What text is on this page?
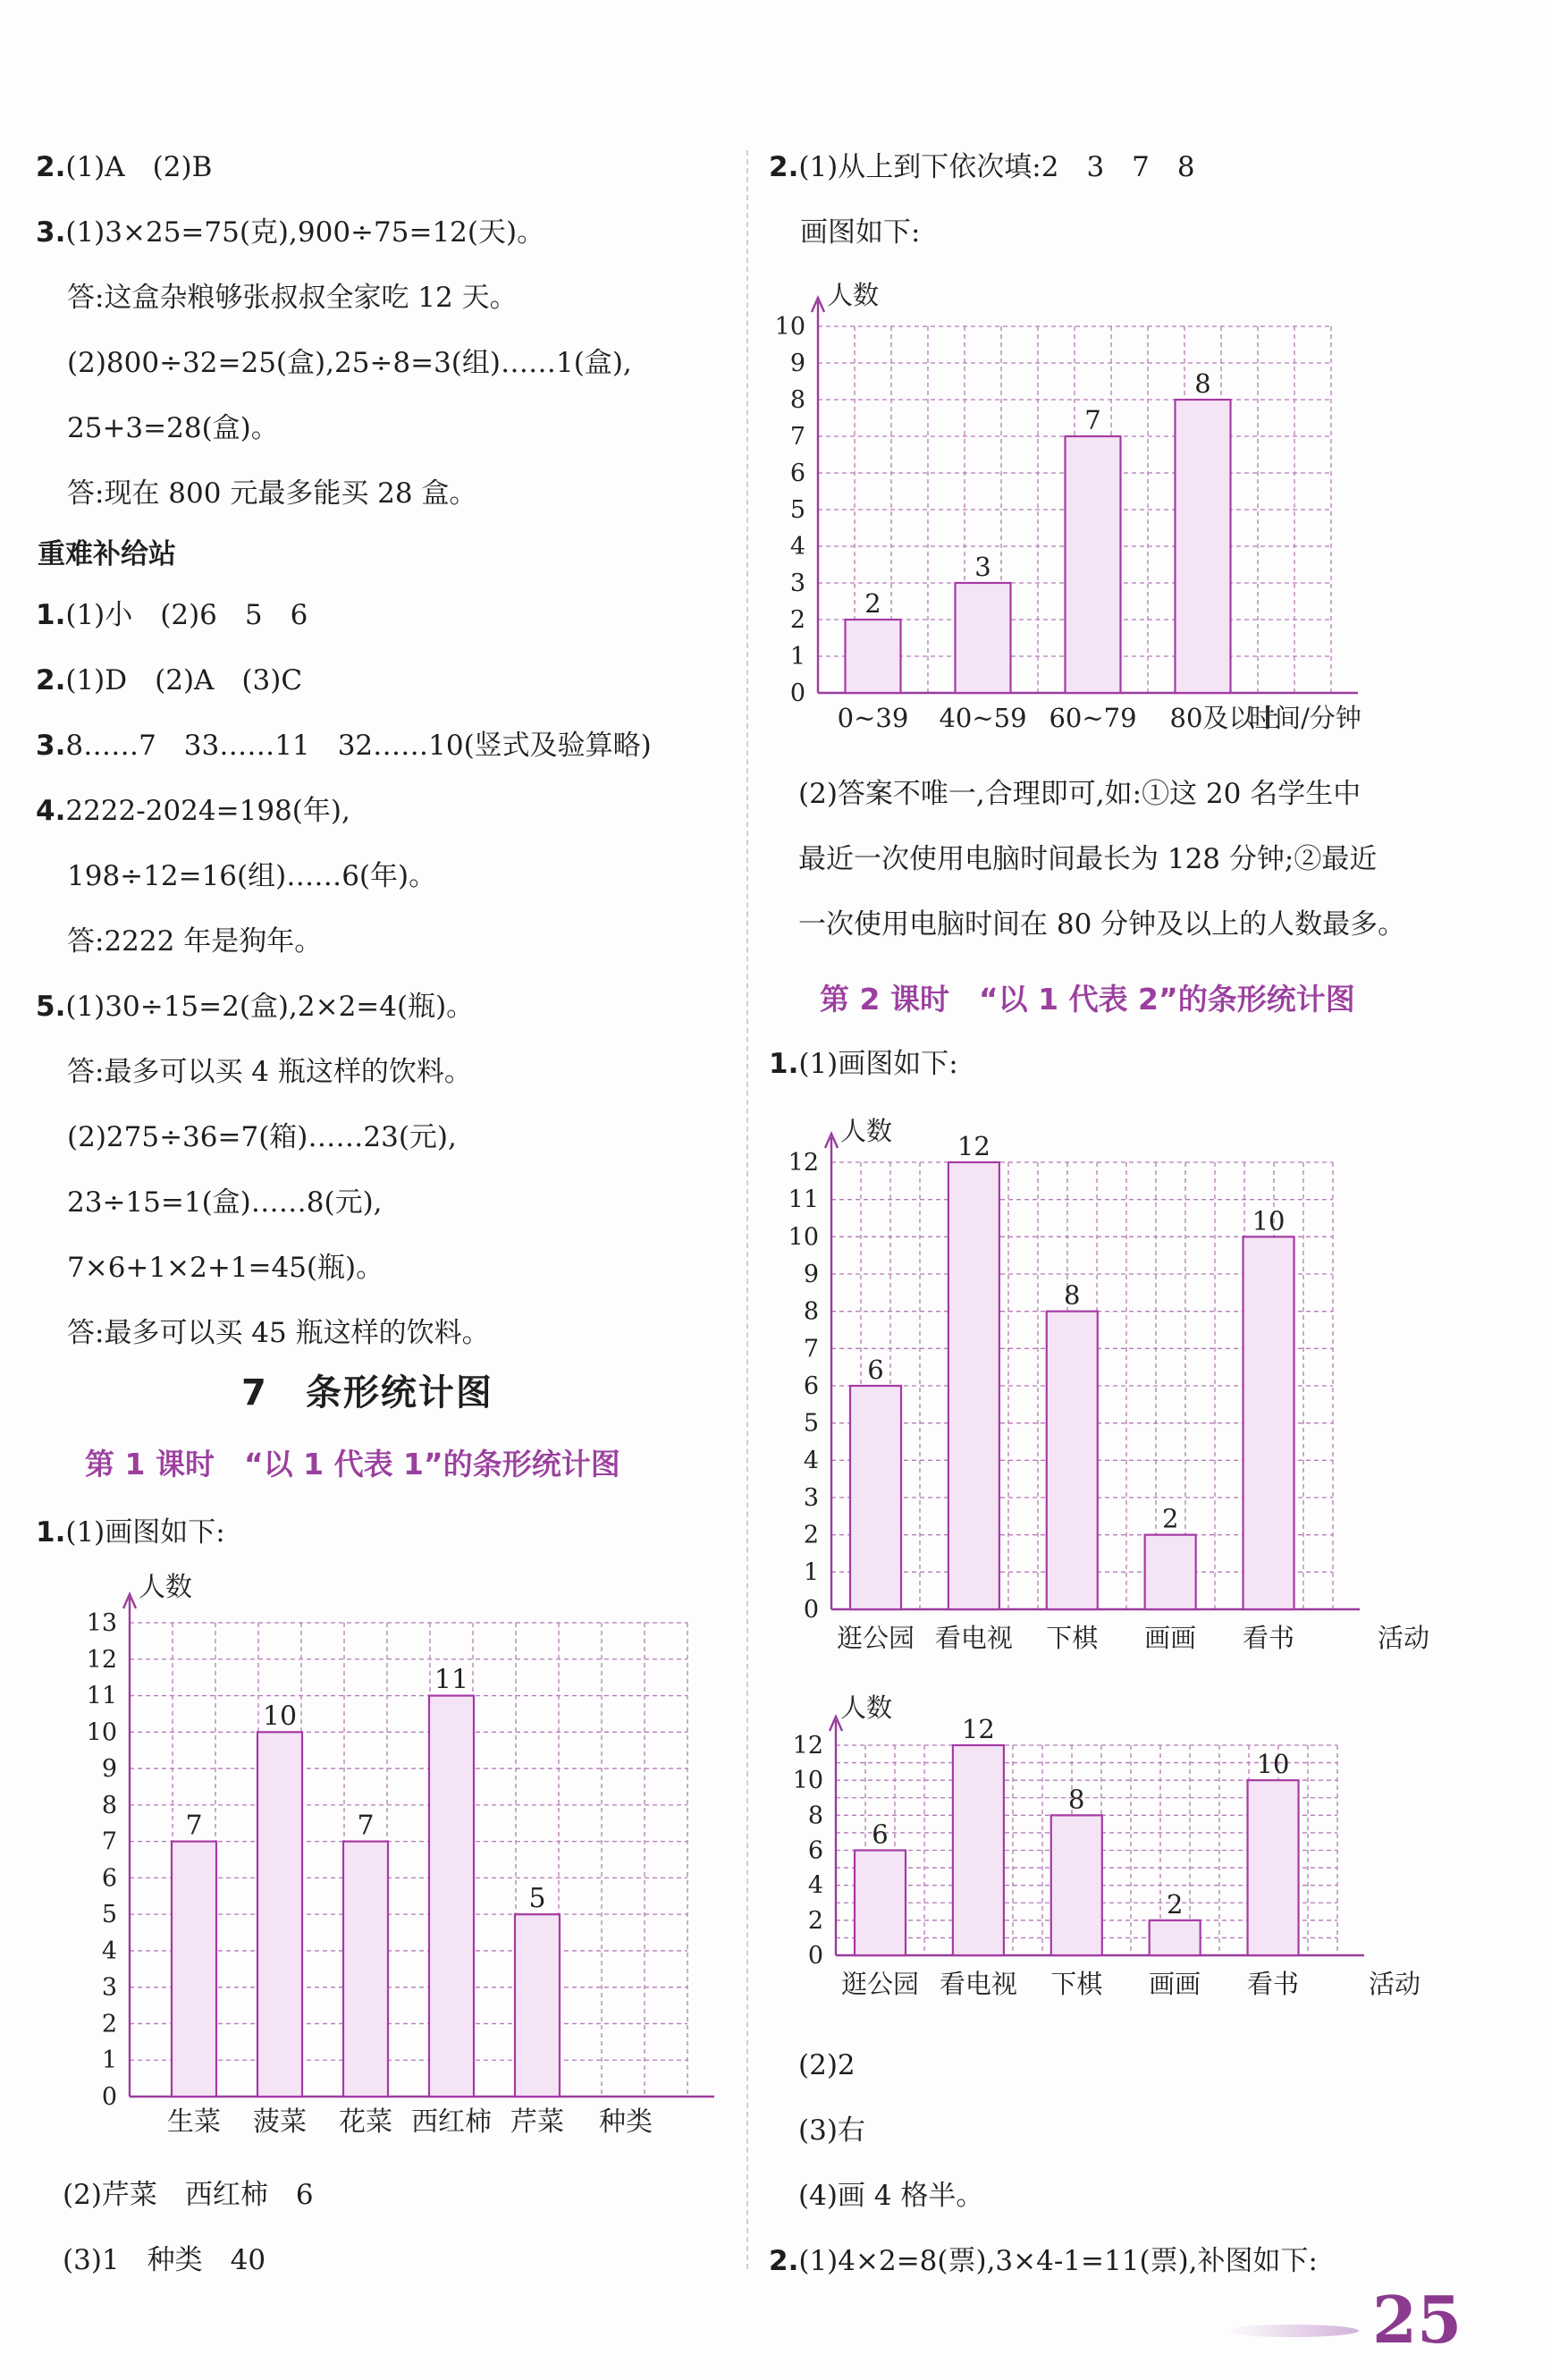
2.(1)A　(2)B
3.(1)3×25=75(克),900÷75=12(天)。
答:这盒杂粮够张叔叔全家吃 12 天。
(2)800÷32=25(盒),25÷8=3(组)……1(盒),
25+3=28(盒)。
答:现在 800 元最多能买 28 盒。
重难补给站
1.(1)小　(2)6　5　6
2.(1)D　(2)A　(3)C
3.8……7　33……11　32……10(竖式及验算略)
4.2222-2024=198(年),
198÷12=16(组)……6(年)。
答:2222 年是狗年。
5.(1)30÷15=2(盒),2×2=4(瓶)。
答:最多可以买 4 瓶这样的饮料。
(2)275÷36=7(箱)……23(元),
23÷15=1(盒)……8(元),
7×6+1×2+1=45(瓶)。
答:最多可以买 45 瓶这样的饮料。
7　条形统计图
第 1 课时　“以 1 代表 1”的条形统计图
1.(1)画图如下:
0
1
2
3
4
5
6
7
8
9
10
11
12
13
人数
7
生菜
10
菠菜
7
花菜
11
西红柿
5
芹菜 种类
(2)芹菜　西红柿　6
(3)1　种类　40
2.(1)从上到下依次填:2　3　7　8
画图如下:
0
1
2
3
4
5
6
7
8
9
10
人数
2
0~39
3
40~59
7
60~79
8
80及以上
时间/分钟
(2)答案不唯一,合理即可,如:①这 20 名学生中
最近一次使用电脑时间最长为 128 分钟;②最近
一次使用电脑时间在 80 分钟及以上的人数最多。
第 2 课时　“以 1 代表 2”的条形统计图
1.(1)画图如下:
0
1
2
3
4
5
6
7
8
9
10
11
12
人数
6
逛公园
12
看电视
8
下棋
2
画画
10
看书	活动
0
2
4
6
8
10
12
人数
6
逛公园
12
看电视
8
下棋
2
画画
10
看书	活动
(2)2
(3)右
(4)画 4 格半。
2.(1)4×2=8(票),3×4-1=11(票),补图如下:
25
